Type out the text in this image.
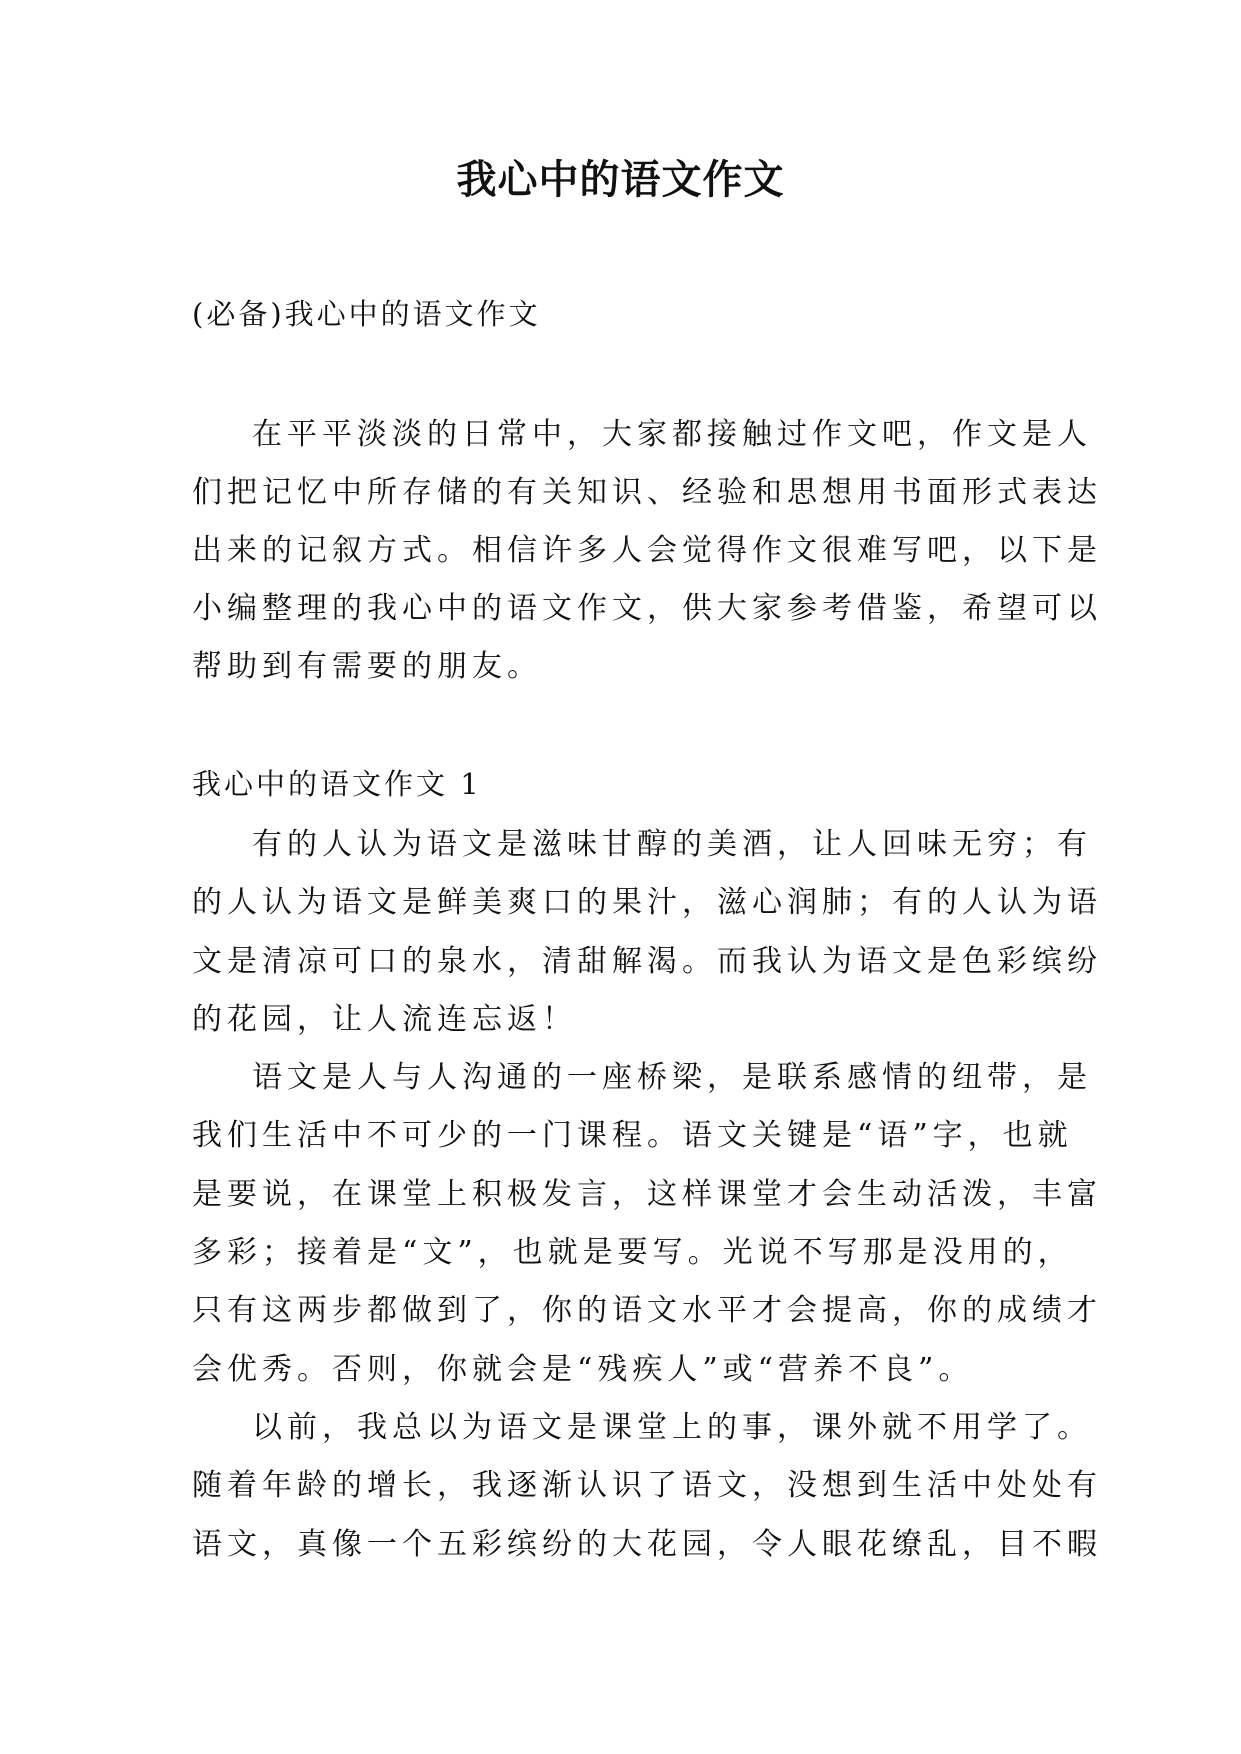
我心中的语文作文
(必备)我心中的语文作文
在平平淡淡的日常中，大家都接触过作文吧，作文是人
们把记忆中所存储的有关知识、经验和思想用书面形式表达
出来的记叙方式。相信许多人会觉得作文很难写吧，以下是
小编整理的我心中的语文作文，供大家参考借鉴，希望可以
帮助到有需要的朋友。
我心中的语文作文 1
有的人认为语文是滋味甘醇的美酒，让人回味无穷；有
的人认为语文是鲜美爽口的果汁，滋心润肺；有的人认为语
文是清凉可口的泉水，清甜解渴。而我认为语文是色彩缤纷
的花园，让人流连忘返！
语文是人与人沟通的一座桥梁，是联系感情的纽带，是
我们生活中不可少的一门课程。语文关键是“语”字，也就
是要说，在课堂上积极发言，这样课堂才会生动活泼，丰富
多彩；接着是“文”，也就是要写。光说不写那是没用的，
只有这两步都做到了，你的语文水平才会提高，你的成绩才
会优秀。否则，你就会是“残疾人”或“营养不良”。
以前，我总以为语文是课堂上的事，课外就不用学了。
随着年龄的增长，我逐渐认识了语文，没想到生活中处处有
语文，真像一个五彩缤纷的大花园，令人眼花缭乱，目不暇
